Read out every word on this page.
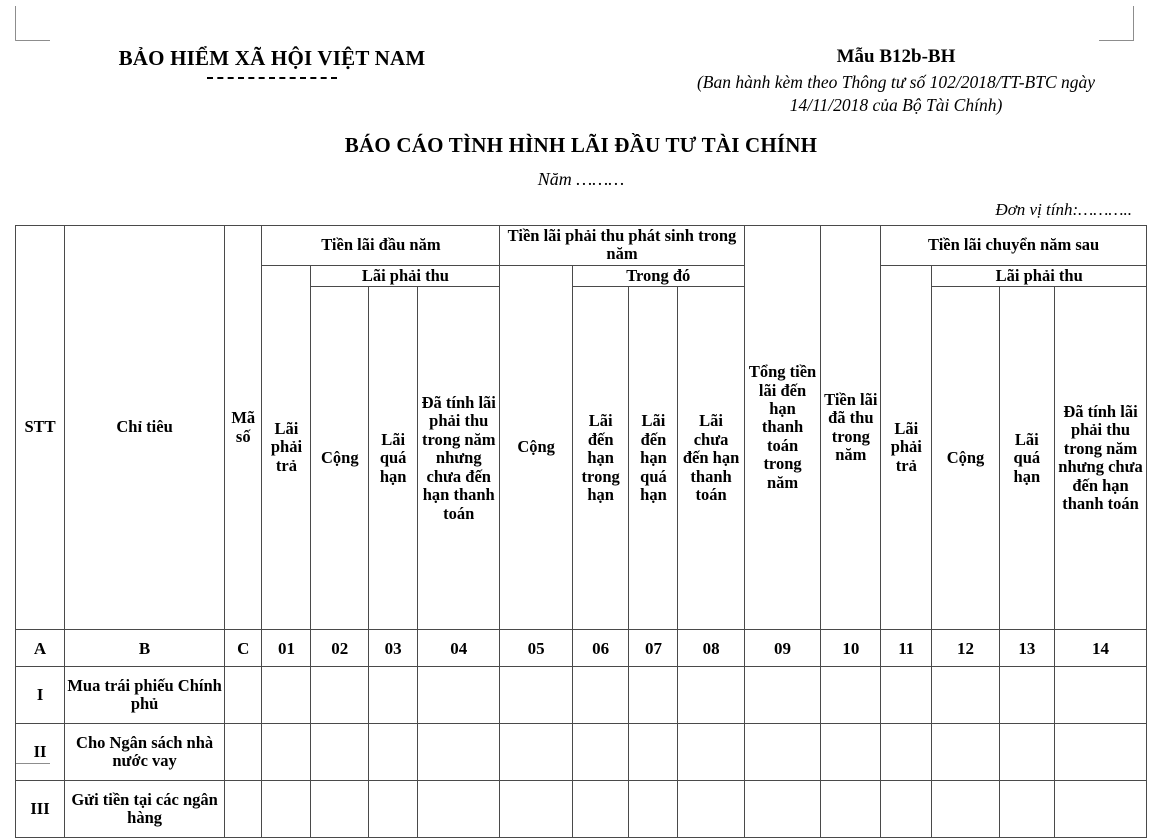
BẢO HIỂM XÃ HỘI VIỆT NAM	Mẫu B12b-BH
(Ban hành kèm theo Thông tư số 102/2018/TT-BTC ngày 14/11/2018 của Bộ Tài Chính)
BÁO CÁO TÌNH HÌNH LÃI ĐẦU TƯ TÀI CHÍNH
Năm ………
Đơn vị tính:………..
STT	Chỉ tiêu	Mã số	Tiền lãi đầu năm				Tiền lãi phải thu phát sinh trong năm				Tổng tiền lãi đến hạn thanh toán trong năm	Tiền lãi đã thu trong năm	Tiền lãi chuyển năm sau			
			Lãi phải trả	Lãi phải thu			Cộng	Trong đó					Lãi phải trả	Lãi phải thu		
				Cộng	Lãi quá hạn	Đã tính lãi phải thu trong năm nhưng chưa đến hạn thanh toán		Lãi đến hạn trong hạn	Lãi đến hạn quá hạn	Lãi chưa đến hạn thanh toán				Cộng	Lãi quá hạn	Đã tính lãi phải thu trong năm nhưng chưa đến hạn thanh toán
A	B	C	01	02	03	04	05	06	07	08	09	10	11	12	13	14
I	Mua trái phiếu Chính phủ															
II	Cho Ngân sách nhà nước vay															
III	Gửi tiền tại các ngân hàng															
